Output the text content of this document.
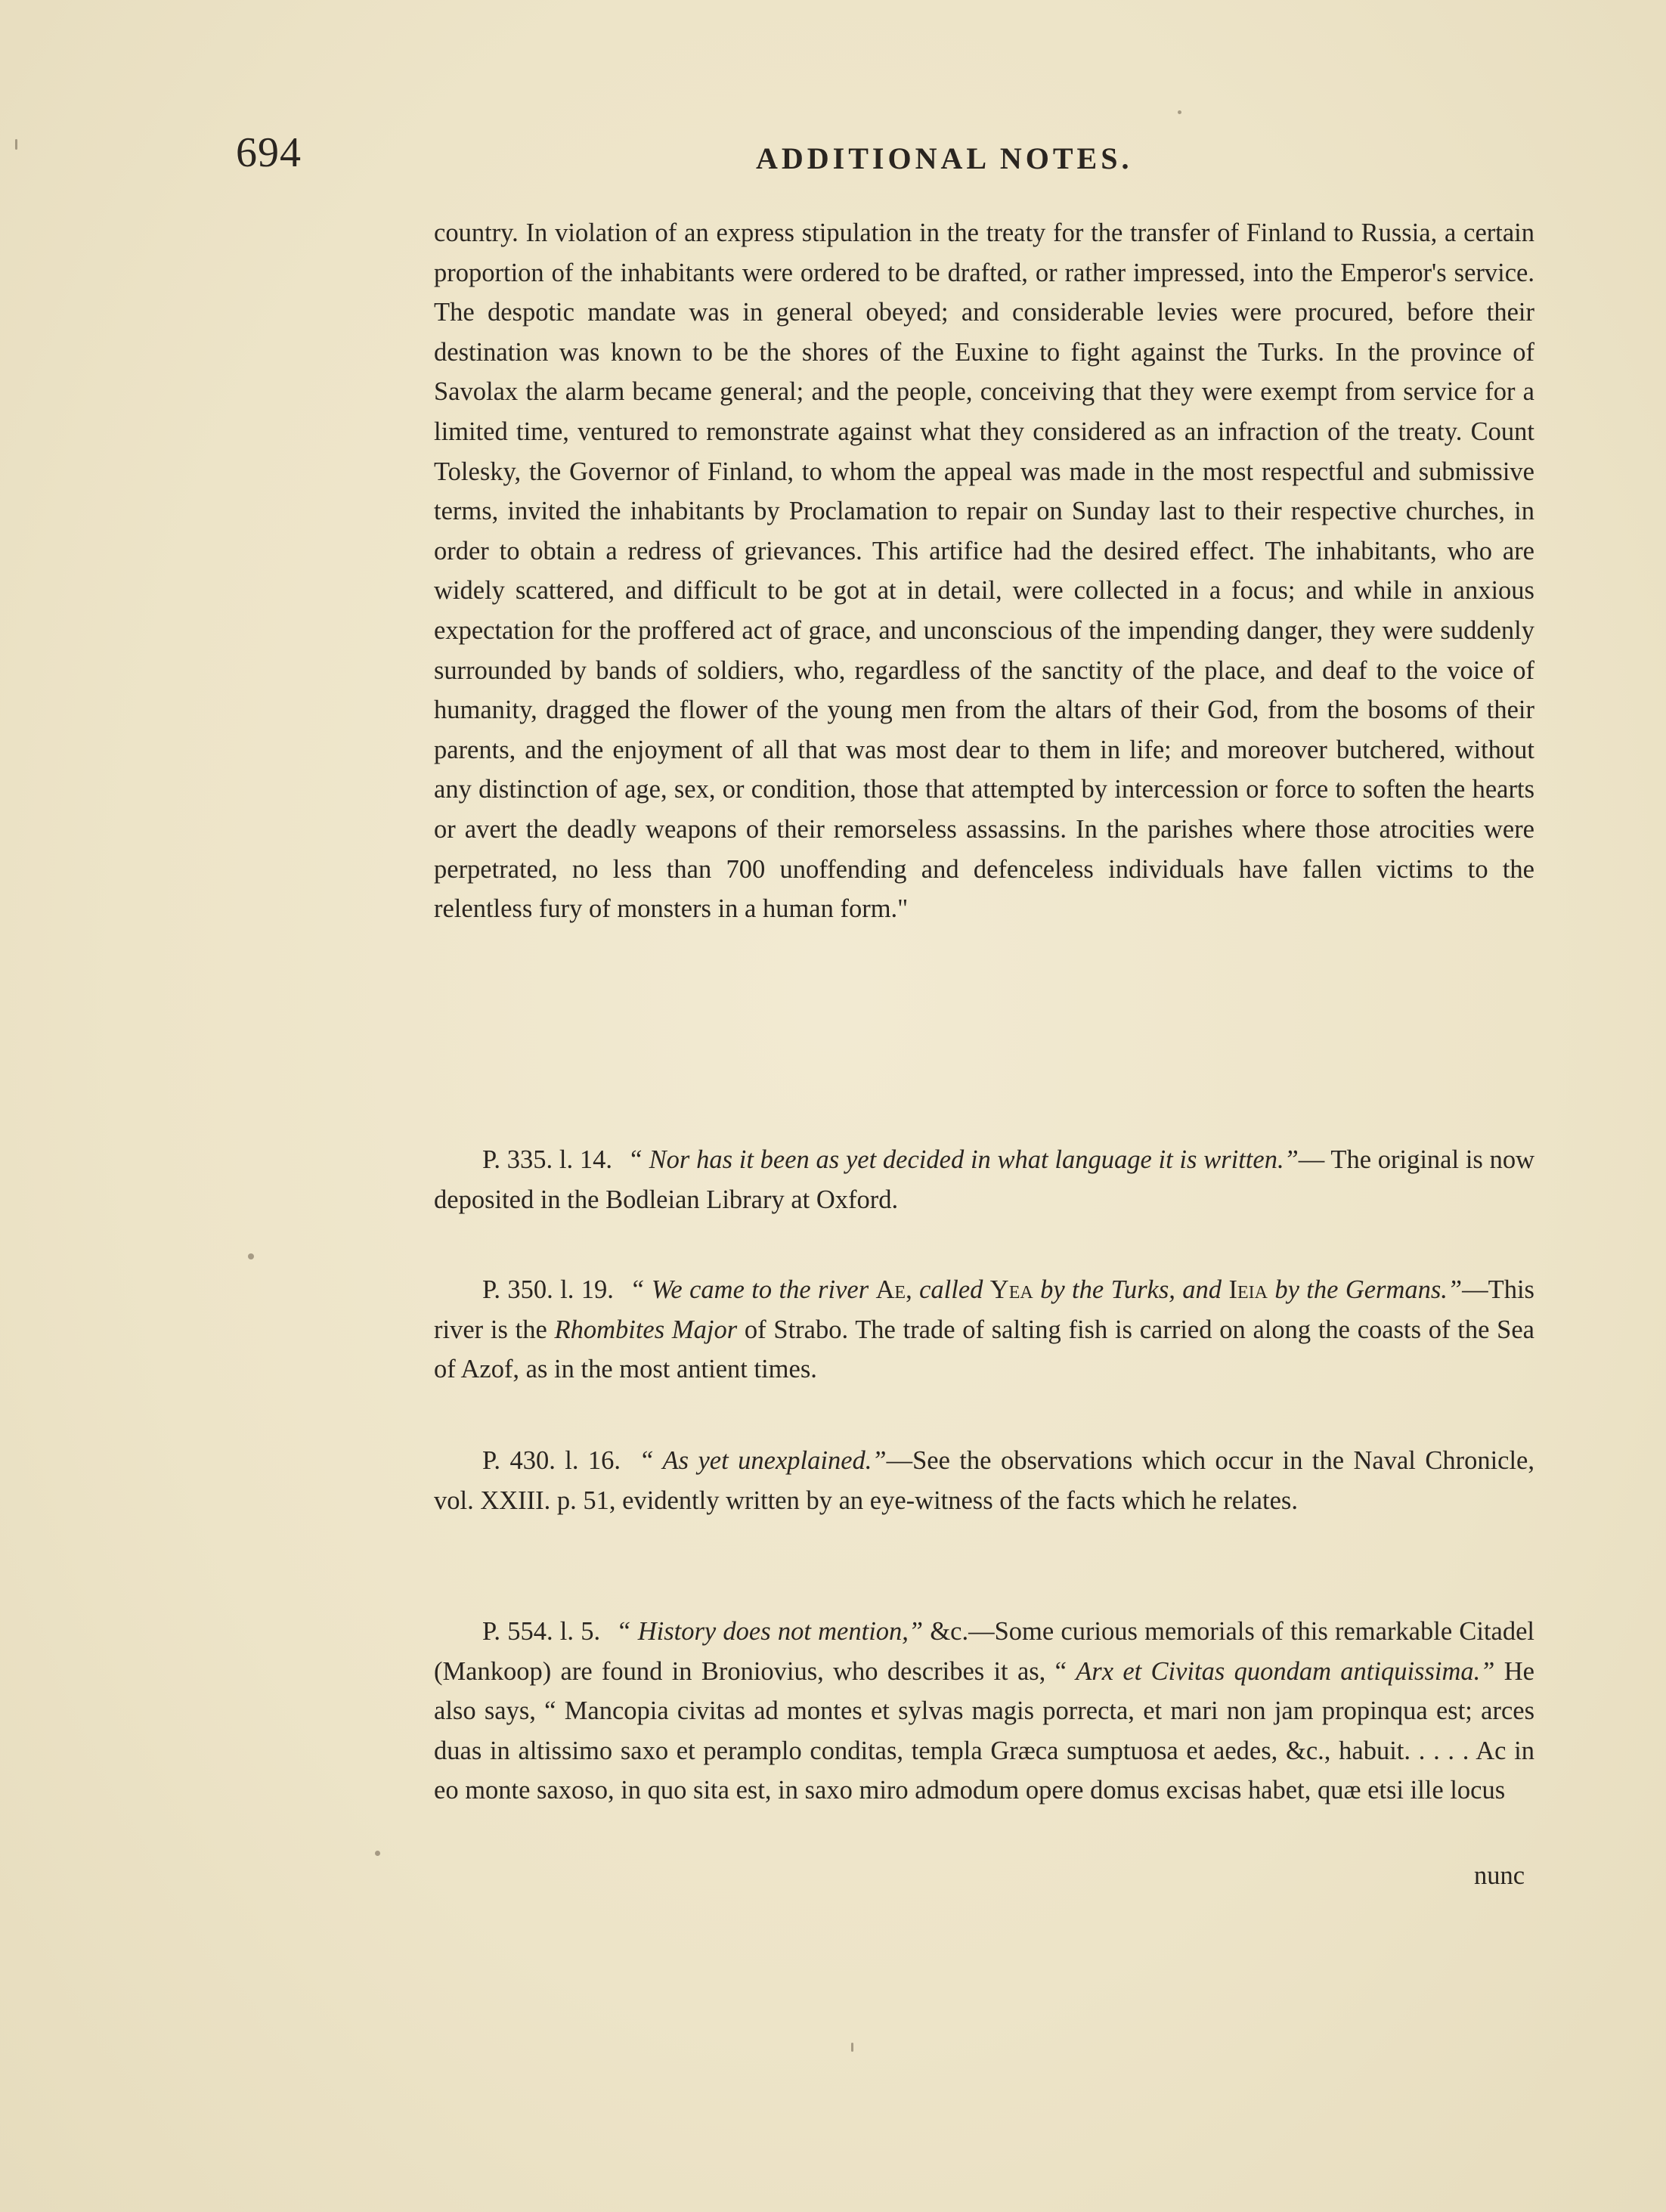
694	ADDITIONAL NOTES.

country. In violation of an express stipulation in the treaty for the transfer of Finland to Russia, a certain proportion of the inhabitants were ordered to be drafted, or rather impressed, into the Emperor's service. The despotic mandate was in general obeyed; and considerable levies were procured, before their destination was known to be the shores of the Euxine to fight against the Turks. In the province of Savolax the alarm became general; and the people, conceiving that they were exempt from service for a limited time, ventured to remonstrate against what they considered as an infraction of the treaty. Count Tolesky, the Governor of Finland, to whom the appeal was made in the most respectful and submissive terms, invited the inhabitants by Proclamation to repair on Sunday last to their respective churches, in order to obtain a redress of grievances. This artifice had the desired effect. The inhabitants, who are widely scattered, and difficult to be got at in detail, were collected in a focus; and while in anxious expectation for the proffered act of grace, and unconscious of the impending danger, they were suddenly surrounded by bands of soldiers, who, regardless of the sanctity of the place, and deaf to the voice of humanity, dragged the flower of the young men from the altars of their God, from the bosoms of their parents, and the enjoyment of all that was most dear to them in life; and moreover butchered, without any distinction of age, sex, or condition, those that attempted by intercession or force to soften the hearts or avert the deadly weapons of their remorseless assassins. In the parishes where those atrocities were perpetrated, no less than 700 unoffending and defenceless individuals have fallen victims to the relentless fury of monsters in a human form."

P. 335. l. 14. “ Nor has it been as yet decided in what language it is written.”— The original is now deposited in the Bodleian Library at Oxford.

P. 350. l. 19. “ We came to the river Ae, called Yea by the Turks, and Ieia by the Germans.”—This river is the Rhombites Major of Strabo. The trade of salting fish is carried on along the coasts of the Sea of Azof, as in the most antient times.

P. 430. l. 16. “ As yet unexplained.”—See the observations which occur in the Naval Chronicle, vol. XXIII. p. 51, evidently written by an eye-witness of the facts which he relates.

P. 554. l. 5. “ History does not mention,” &c.—Some curious memorials of this remarkable Citadel (Mankoop) are found in Broniovius, who describes it as, “ Arx et Civitas quondam antiquissima.” He also says, “ Mancopia civitas ad montes et sylvas magis porrecta, et mari non jam propinqua est; arces duas in altissimo saxo et peramplo conditas, templa Græca sumptuosa et aedes, &c., habuit. . . . . Ac in eo monte saxoso, in quo sita est, in saxo miro admodum opere domus excisas habet, quæ etsi ille locus

nunc
